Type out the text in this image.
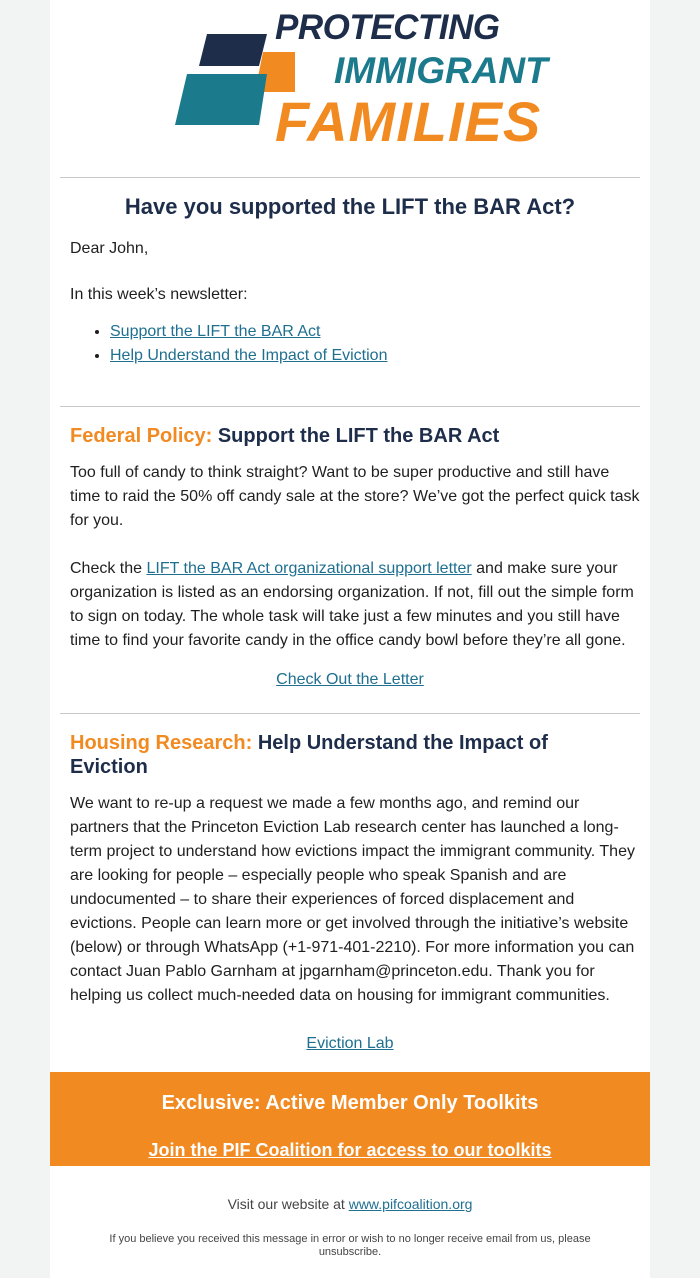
PROTECTING
IMMIGRANT
FAMILIES
Have you supported the LIFT the BAR Act?

Dear John,

In this week’s newsletter:

• Support the LIFT the BAR Act
• Help Understand the Impact of Eviction
Federal Policy: Support the LIFT the BAR Act

Too full of candy to think straight? Want to be super productive and still have time to raid the 50% off candy sale at the store? We’ve got the perfect quick task for you.

Check the LIFT the BAR Act organizational support letter and make sure your organization is listed as an endorsing organization. If not, fill out the simple form to sign on today. The whole task will take just a few minutes and you still have time to find your favorite candy in the office candy bowl before they’re all gone.

Check Out the Letter
Housing Research: Help Understand the Impact of Eviction

We want to re-up a request we made a few months ago, and remind our partners that the Princeton Eviction Lab research center has launched a long-term project to understand how evictions impact the immigrant community. They are looking for people – especially people who speak Spanish and are undocumented – to share their experiences of forced displacement and evictions. People can learn more or get involved through the initiative’s website (below) or through WhatsApp (+1-971-401-2210). For more information you can contact Juan Pablo Garnham at jpgarnham@princeton.edu. Thank you for helping us collect much-needed data on housing for immigrant communities.

Eviction Lab
Exclusive: Active Member Only Toolkits
Join the PIF Coalition for access to our toolkits
Visit our website at www.pifcoalition.org
If you believe you received this message in error or wish to no longer receive email from us, please unsubscribe.
